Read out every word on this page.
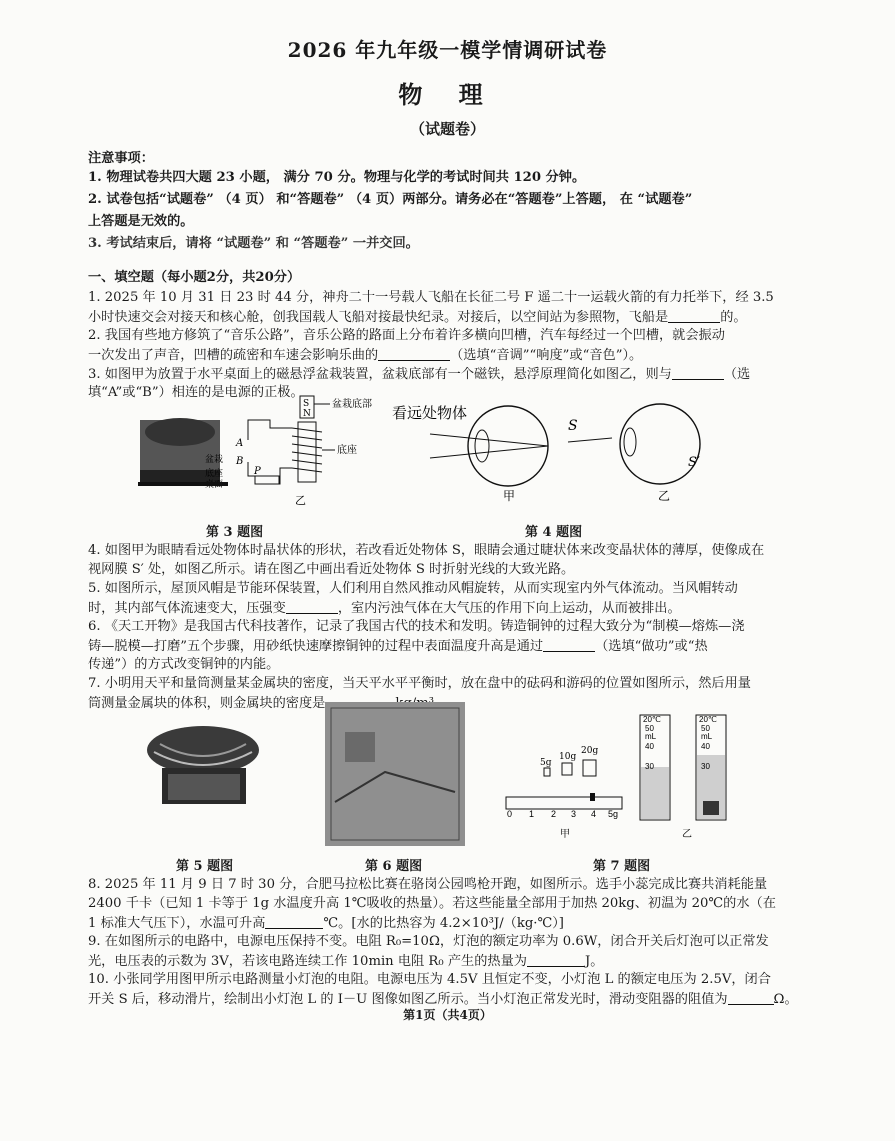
2026 年九年级一模学情调研试卷
物 理
（试题卷）
注意事项：
1. 物理试卷共四大题 23 小题， 满分 70 分。物理与化学的考试时间共 120 分钟。
2. 试卷包括“试题卷” （4 页） 和“答题卷” （4 页）两部分。请务必在“答题卷”上答题， 在 “试题卷”
上答题是无效的。
3. 考试结束后，请将 “试题卷” 和 “答题卷” 一并交回。
一、填空题（每小题2分，共20分）
1. 2025 年 10 月 31 日 23 时 44 分，神舟二十一号载人飞船在长征二号 F 遥二十一运载火箭的有力托举下，经 3.5
小时快速交会对接天和核心舱，创我国载人飞船对接最快纪录。对接后，以空间站为参照物，飞船是	的。
2. 我国有些地方修筑了“音乐公路”，音乐公路的路面上分布着许多横向凹槽，汽车每经过一个凹槽，就会振动
一次发出了声音，凹槽的疏密和车速会影响乐曲的	（选填“音调”“响度”或“音色”）。
3. 如图甲为放置于水平桌面上的磁悬浮盆栽装置，盆栽底部有一个磁铁，悬浮原理简化如图乙，则与	（选
填“A”或“B”）相连的是电源的正极。
盆栽
底座
S
N
盆栽底部
底座
A
B
P
乙
第 3 题图
看远处物体
甲
S
S′
乙
第 4 题图
4. 如图甲为眼睛看远处物体时晶状体的形状，若改看近处物体 S，眼睛会通过睫状体来改变晶状体的薄厚，使像成在
视网膜 S′ 处，如图乙所示。请在图乙中画出看近处物体 S 时折射光线的大致光路。
5. 如图所示，屋顶风帽是节能环保装置，人们利用自然风推动风帽旋转，从而实现室内外气体流动。当风帽转动
时，其内部气体流速变大，压强变	，室内污浊气体在大气压的作用下向上运动，从而被排出。
6. 《天工开物》是我国古代科技著作，记录了我国古代的技术和发明。铸造铜钟的过程大致分为“制模—熔炼—浇
铸—脱模—打磨”五个步骤，用砂纸快速摩擦铜钟的过程中表面温度升高是通过	（选填“做功”或“热
传递”）的方式改变铜钟的内能。
7. 小明用天平和量筒测量某金属块的密度，当天平水平平衡时，放在盘中的砝码和游码的位置如图所示，然后用量
筒测量金属块的体积，则金属块的密度是
第 5 题图	第 6 题图
5g
10g
20g
0 1 2 3 4 5g
甲
20℃
50
mL
40
30
20℃
50
mL
40
30
乙
第 7 题图
8. 2025 年 11 月 9 日 7 时 30 分，合肥马拉松比赛在骆岗公园鸣枪开跑，如图所示。选手小蕊完成比赛共消耗能量
2400 千卡（已知 1 卡等于 1g 水温度升高 1℃吸收的热量）。若这些能量全部用于加热 20kg、初温为 20℃的水（在
1 标准大气压下），水温可升高	℃。[水的比热容为 4.2×10³J/（kg·℃）]
9. 在如图所示的电路中，电源电压保持不变。电阻 R₀=10Ω，灯泡的额定功率为 0.6W，闭合开关后灯泡可以正常发
光，电压表的示数为 3V，若该电路连续工作 10min 电阻 R₀ 产生的热量为	J。
10. 小张同学用图甲所示电路测量小灯泡的电阻。电源电压为 4.5V 且恒定不变，小灯泡 L 的额定电压为 2.5V，闭合
开关 S 后，移动滑片，绘制出小灯泡 L 的 I－U 图像如图乙所示。当小灯泡正常发光时，滑动变阻器的阻值为	Ω。
第1页（共4页）
